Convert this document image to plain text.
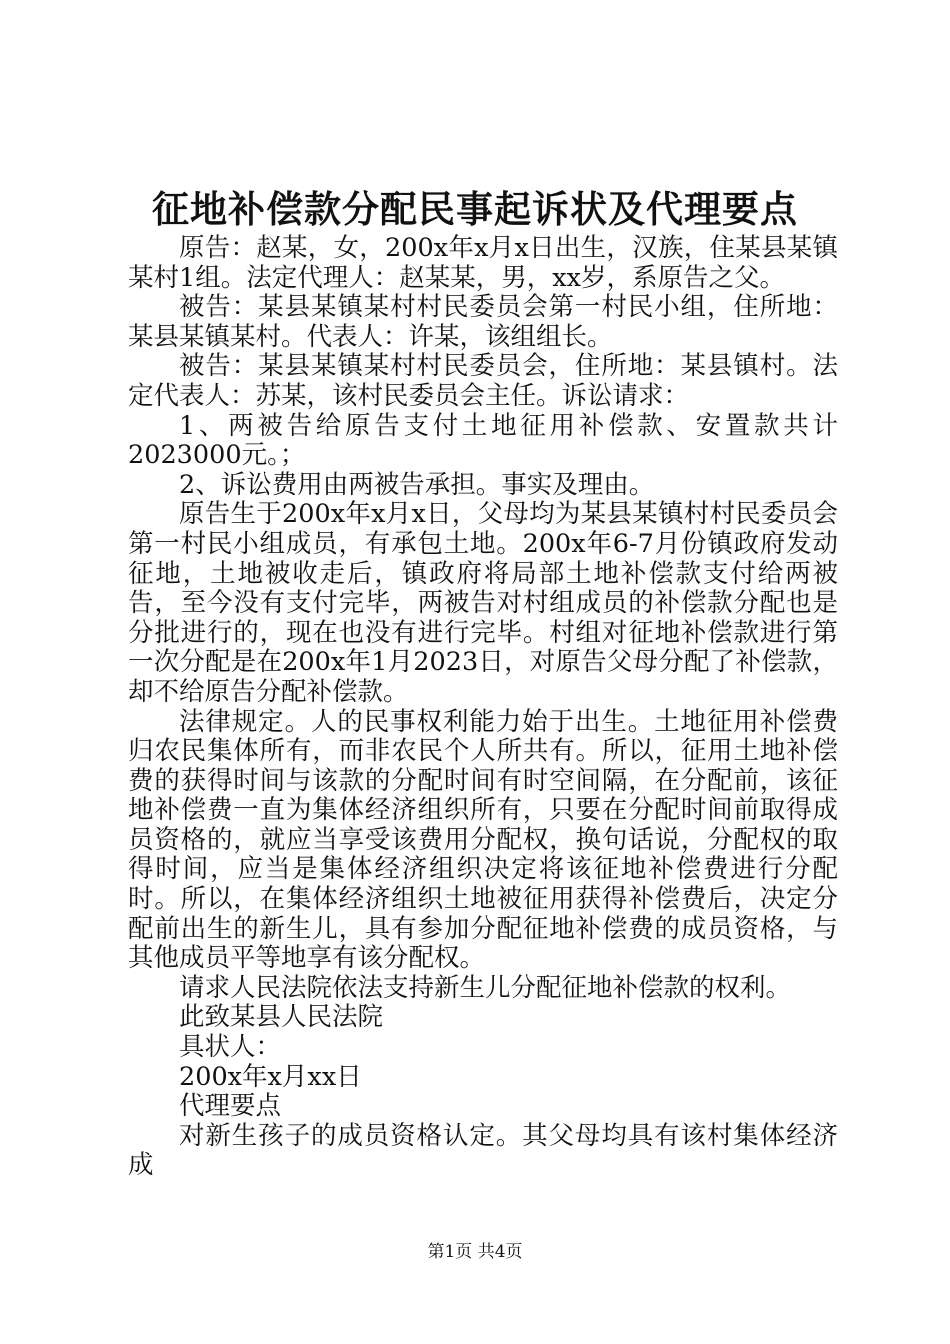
征地补偿款分配民事起诉状及代理要点

原告：赵某，女，200x年x月x日出生，汉族，住某县某镇某村1组。法定代理人：赵某某，男，xx岁，系原告之父。

被告：某县某镇某村村民委员会第一村民小组，住所地：某县某镇某村。代表人：许某，该组组长。

被告：某县某镇某村村民委员会，住所地：某县镇村。法定代表人：苏某，该村民委员会主任。诉讼请求：

1、两被告给原告支付土地征用补偿款、安置款共计2023000元。；

2、诉讼费用由两被告承担。事实及理由。

原告生于200x年x月x日，父母均为某县某镇村村民委员会第一村民小组成员，有承包土地。200x年6-7月份镇政府发动征地，土地被收走后，镇政府将局部土地补偿款支付给两被告，至今没有支付完毕，两被告对村组成员的补偿款分配也是分批进行的，现在也没有进行完毕。村组对征地补偿款进行第一次分配是在200x年1月2023日，对原告父母分配了补偿款，却不给原告分配补偿款。

法律规定。人的民事权利能力始于出生。土地征用补偿费归农民集体所有，而非农民个人所共有。所以，征用土地补偿费的获得时间与该款的分配时间有时空间隔，在分配前，该征地补偿费一直为集体经济组织所有，只要在分配时间前取得成员资格的，就应当享受该费用分配权，换句话说，分配权的取得时间，应当是集体经济组织决定将该征地补偿费进行分配时。所以，在集体经济组织土地被征用获得补偿费后，决定分配前出生的新生儿，具有参加分配征地补偿费的成员资格，与其他成员平等地享有该分配权。

请求人民法院依法支持新生儿分配征地补偿款的权利。

此致某县人民法院

具状人：

200x年x月xx日

代理要点

对新生孩子的成员资格认定。其父母均具有该村集体经济成

第1页 共4页
